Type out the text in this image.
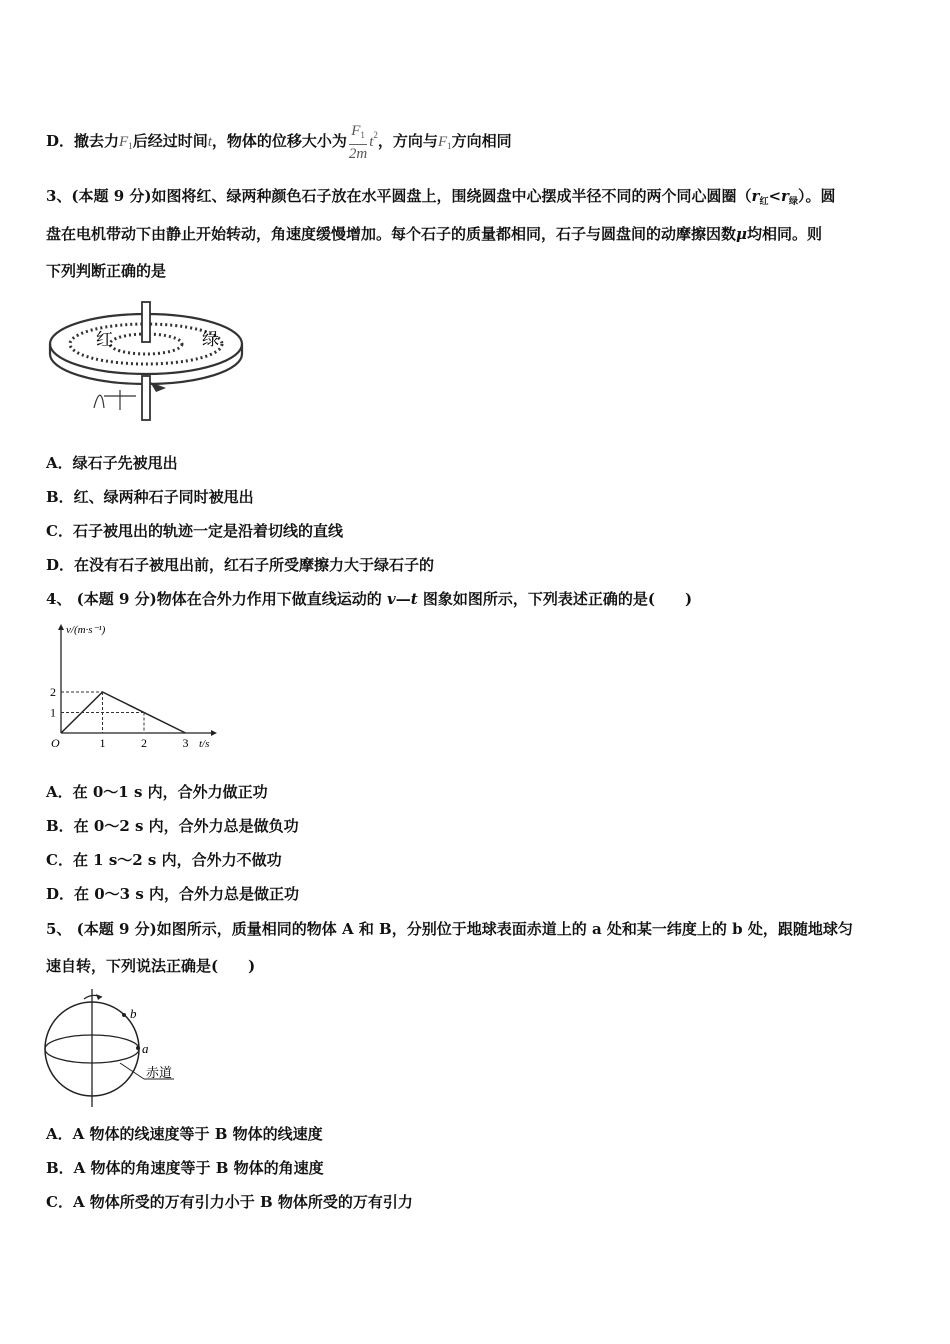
D．撤去力$F_1$后经过时间t，物体的位移大小为 $\frac{F_1}{2m} t^2$，方向与$F_1$方向相同
3、(本题 9 分)如图将红、绿两种颜色石子放在水平圆盘上，围绕圆盘中心摆成半径不同的两个同心圆圈$(r_红<r_绿)$。圆
盘在电机带动下由静止开始转动，角速度缓慢增加。每个石子的质量都相同，石子与圆盘间的动摩擦因数μ均相同。则
下列判断正确的是
红	绿
A．绿石子先被甩出
B．红、绿两种石子同时被甩出
C．石子被甩出的轨迹一定是沿着切线的直线
D．在没有石子被甩出前，红石子所受摩擦力大于绿石子的
4、 (本题 9 分)物体在合外力作用下做直线运动的 v—t 图象如图所示，下列表述正确的是(　　)
v/(m·s⁻¹)
t/s
O	1	2	3
1
2
A．在 0～1 s 内，合外力做正功
B．在 0～2 s 内，合外力总是做负功
C．在 1 s～2 s 内，合外力不做功
D．在 0～3 s 内，合外力总是做正功
5、 (本题 9 分)如图所示，质量相同的物体 A 和 B，分别位于地球表面赤道上的 a 处和某一纬度上的 b 处，跟随地球匀
速自转，下列说法正确是(　　)
b
a
赤道
A．A 物体的线速度等于 B 物体的线速度
B．A 物体的角速度等于 B 物体的角速度
C．A 物体所受的万有引力小于 B 物体所受的万有引力
